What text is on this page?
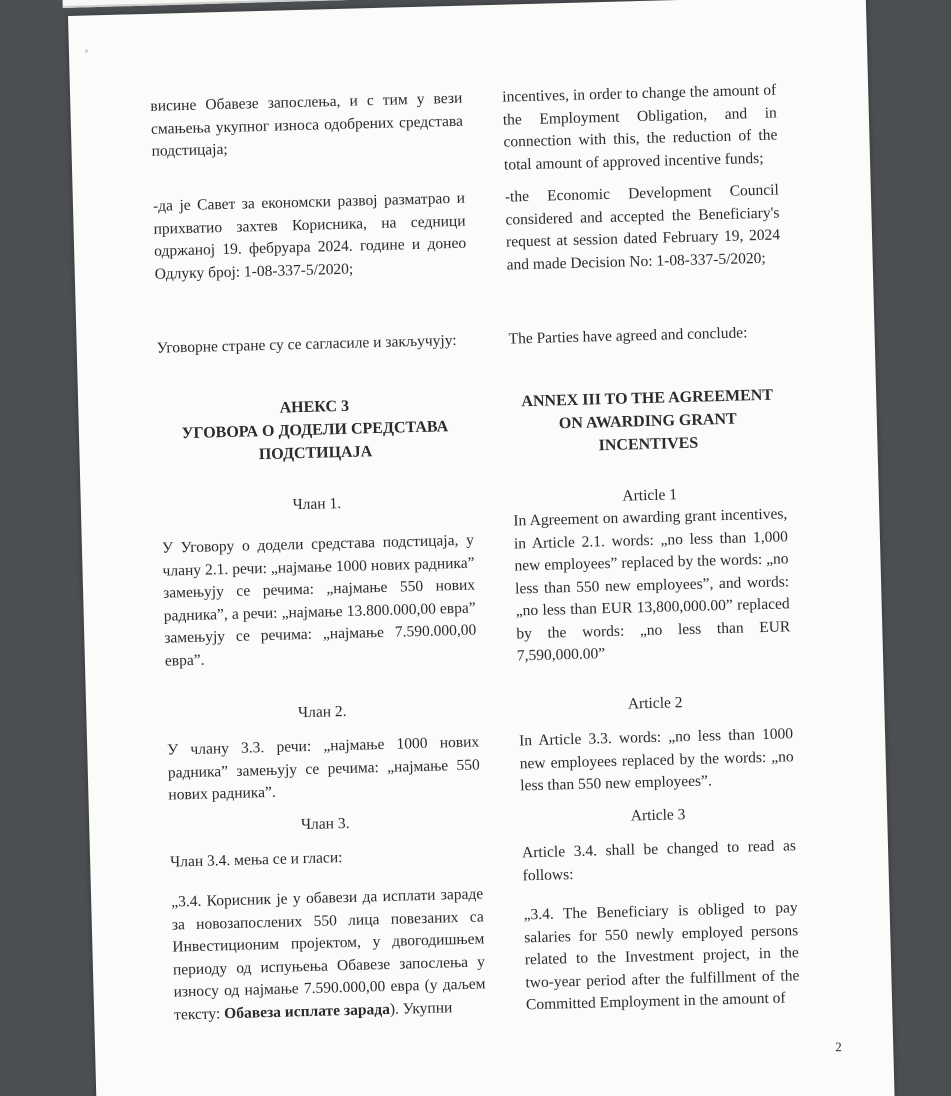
висине Обавезе запослења, и с тим у вези смањења укупног износа одобрених средстава подстицаја;

-да је Савет за економски развој разматрао и прихватио захтев Корисника, на седници одржаној 19. фебруара 2024. године и донео Одлуку број: 1-08-337-5/2020;

Уговорне стране су се сагласиле и закључују:

АНЕКС 3
УГОВОРА О ДОДЕЛИ СРЕДСТАВА ПОДСТИЦАЈА

Члан 1.

У Уговору о додели средстава подстицаја, у члану 2.1. речи: „најмање 1000 нових радника” замењују се речима: „најмање 550 нових радника”, а речи: „најмање 13.800.000,00 евра” замењују се речима: „најмање 7.590.000,00 евра”.

Члан 2.

У члану 3.3. речи: „најмање 1000 нових радника” замењују се речима: „најмање 550 нових радника”.

Члан 3.

Члан 3.4. мења се и гласи:

„3.4. Корисник је у обавези да исплати зараде за новозапослених 550 лица повезаних са Инвестиционим пројектом, у двогодишњем периоду од испуњења Обавезе запослења у износу од најмање 7.590.000,00 евра (у даљем тексту: Обавеза исплате зарада). Укупни

incentives, in order to change the amount of the Employment Obligation, and in connection with this, the reduction of the total amount of approved incentive funds;

-the Economic Development Council considered and accepted the Beneficiary's request at session dated February 19, 2024 and made Decision No: 1-08-337-5/2020;

The Parties have agreed and conclude:

ANNEX III TO THE AGREEMENT ON AWARDING GRANT INCENTIVES

Article 1

In Agreement on awarding grant incentives, in Article 2.1. words: „no less than 1,000 new employees” replaced by the words: „no less than 550 new employees”, and words: „no less than EUR 13,800,000.00” replaced by the words: „no less than EUR 7,590,000.00”

Article 2

In Article 3.3. words: „no less than 1000 new employees replaced by the words: „no less than 550 new employees”.

Article 3

Article 3.4. shall be changed to read as follows:

„3.4. The Beneficiary is obliged to pay salaries for 550 newly employed persons related to the Investment project, in the two-year period after the fulfillment of the Committed Employment in the amount of

2
